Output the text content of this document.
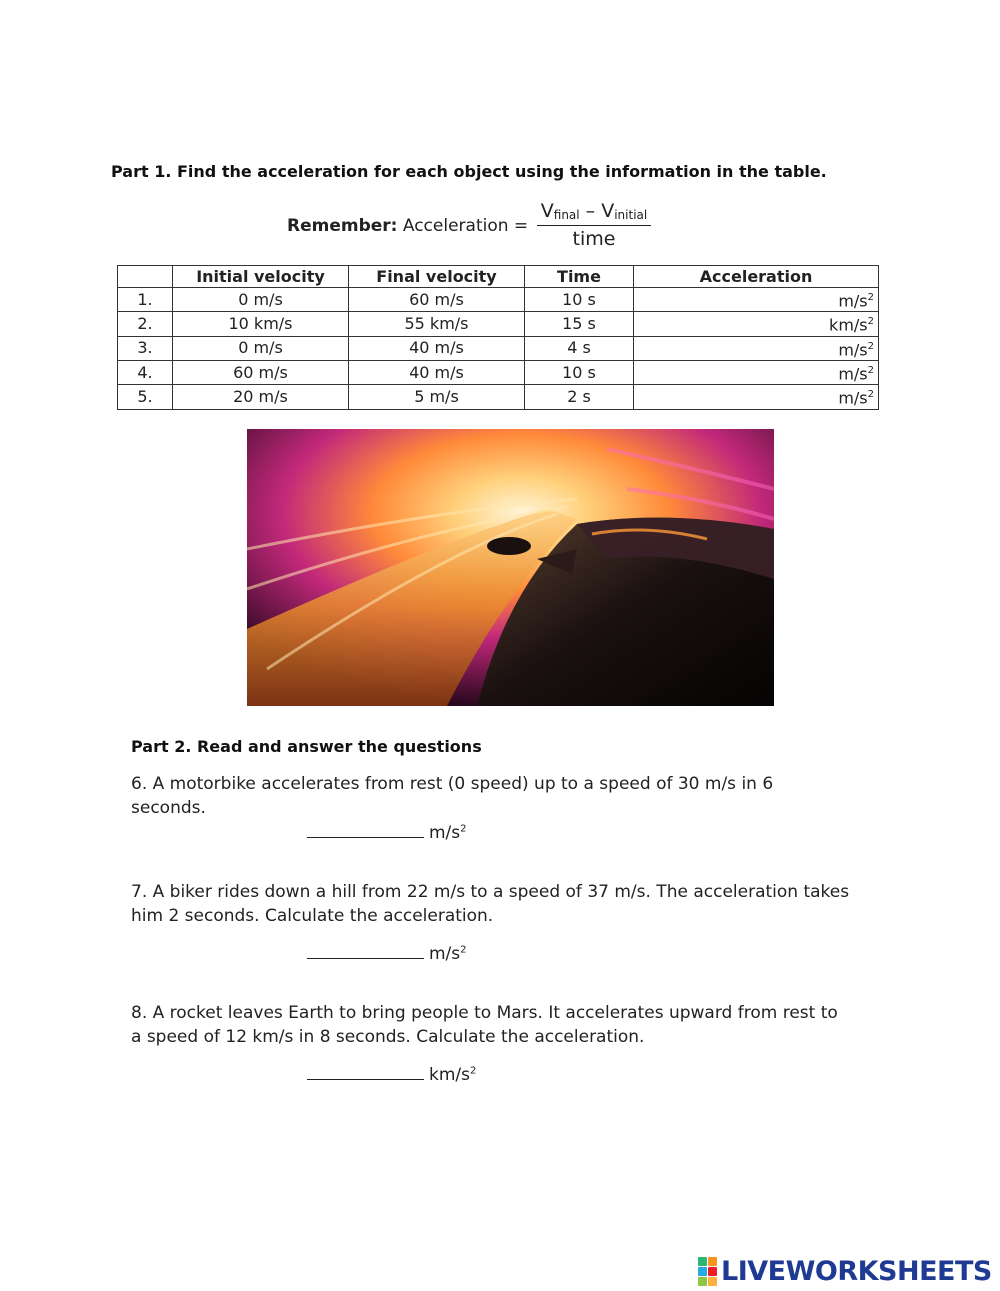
Part 1. Find the acceleration for each object using the information in the table.
Remember: Acceleration =
$V_{final} - V_{initial}$
time
	Initial velocity	Final velocity	Time	Acceleration
1.	0 m/s	60 m/s	10 s	$m/s^2$
2.	10 km/s	55 km/s	15 s	$km/s^2$
3.	0 m/s	40 m/s	4 s	$m/s^2$
4.	60 m/s	40 m/s	10 s	$m/s^2$
5.	20 m/s	5 m/s	2 s	$m/s^2$
Part 2. Read and answer the questions
6. A motorbike accelerates from rest (0 speed) up to a speed of 30 m/s in 6 seconds.
$m/s^2$
7. A biker rides down a hill from 22 m/s to a speed of 37 m/s. The acceleration takes him 2 seconds. Calculate the acceleration.
$m/s^2$
8. A rocket leaves Earth to bring people to Mars. It accelerates upward from rest to a speed of 12 km/s in 8 seconds. Calculate the acceleration.
$km/s^2$
LIVEWORKSHEETS
